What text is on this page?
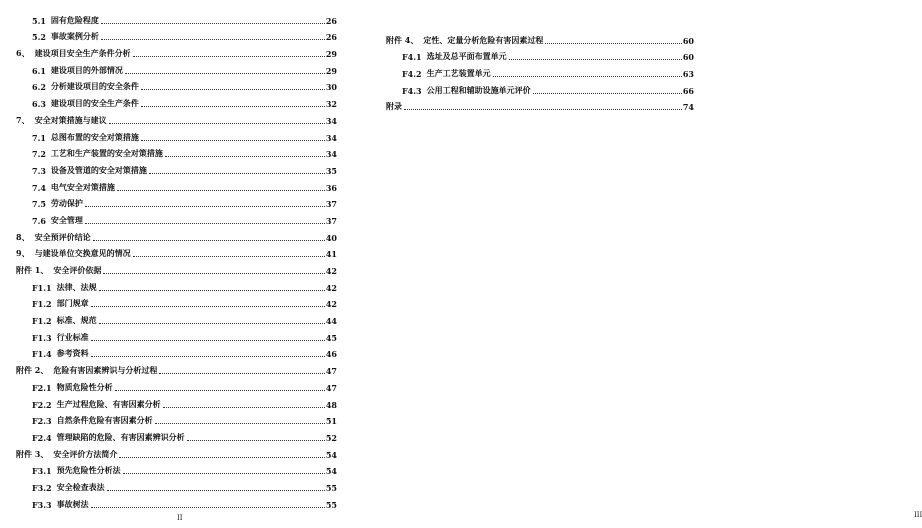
5.1 固有危险程度	26
5.2 事故案例分析	26
6、 建设项目安全生产条件分析	29
6.1 建设项目的外部情况	29
6.2 分析建设项目的安全条件	30
6.3 建设项目的安全生产条件	32
7、 安全对策措施与建议	34
7.1 总图布置的安全对策措施	34
7.2 工艺和生产装置的安全对策措施	34
7.3 设备及管道的安全对策措施	35
7.4 电气安全对策措施	36
7.5 劳动保护	37
7.6 安全管理	37
8、 安全预评价结论	40
9、 与建设单位交换意见的情况	41
附件 1、 安全评价依据	42
F1.1 法律、法规	42
F1.2 部门规章	42
F1.2 标准、规范	44
F1.3 行业标准	45
F1.4 参考资料	46
附件 2、 危险有害因素辨识与分析过程	47
F2.1 物质危险性分析	47
F2.2 生产过程危险、有害因素分析	48
F2.3 自然条件危险有害因素分析	51
F2.4 管理缺陷的危险、有害因素辨识分析	52
附件 3、 安全评价方法简介	54
F3.1 预先危险性分析法	54
F3.2 安全检查表法	55
F3.3 事故树法	55
II
附件 4、 定性、定量分析危险有害因素过程	60
F4.1 选址及总平面布置单元	60
F4.2 生产工艺装置单元	63
F4.3 公用工程和辅助设施单元评价	66
附录	74
III
